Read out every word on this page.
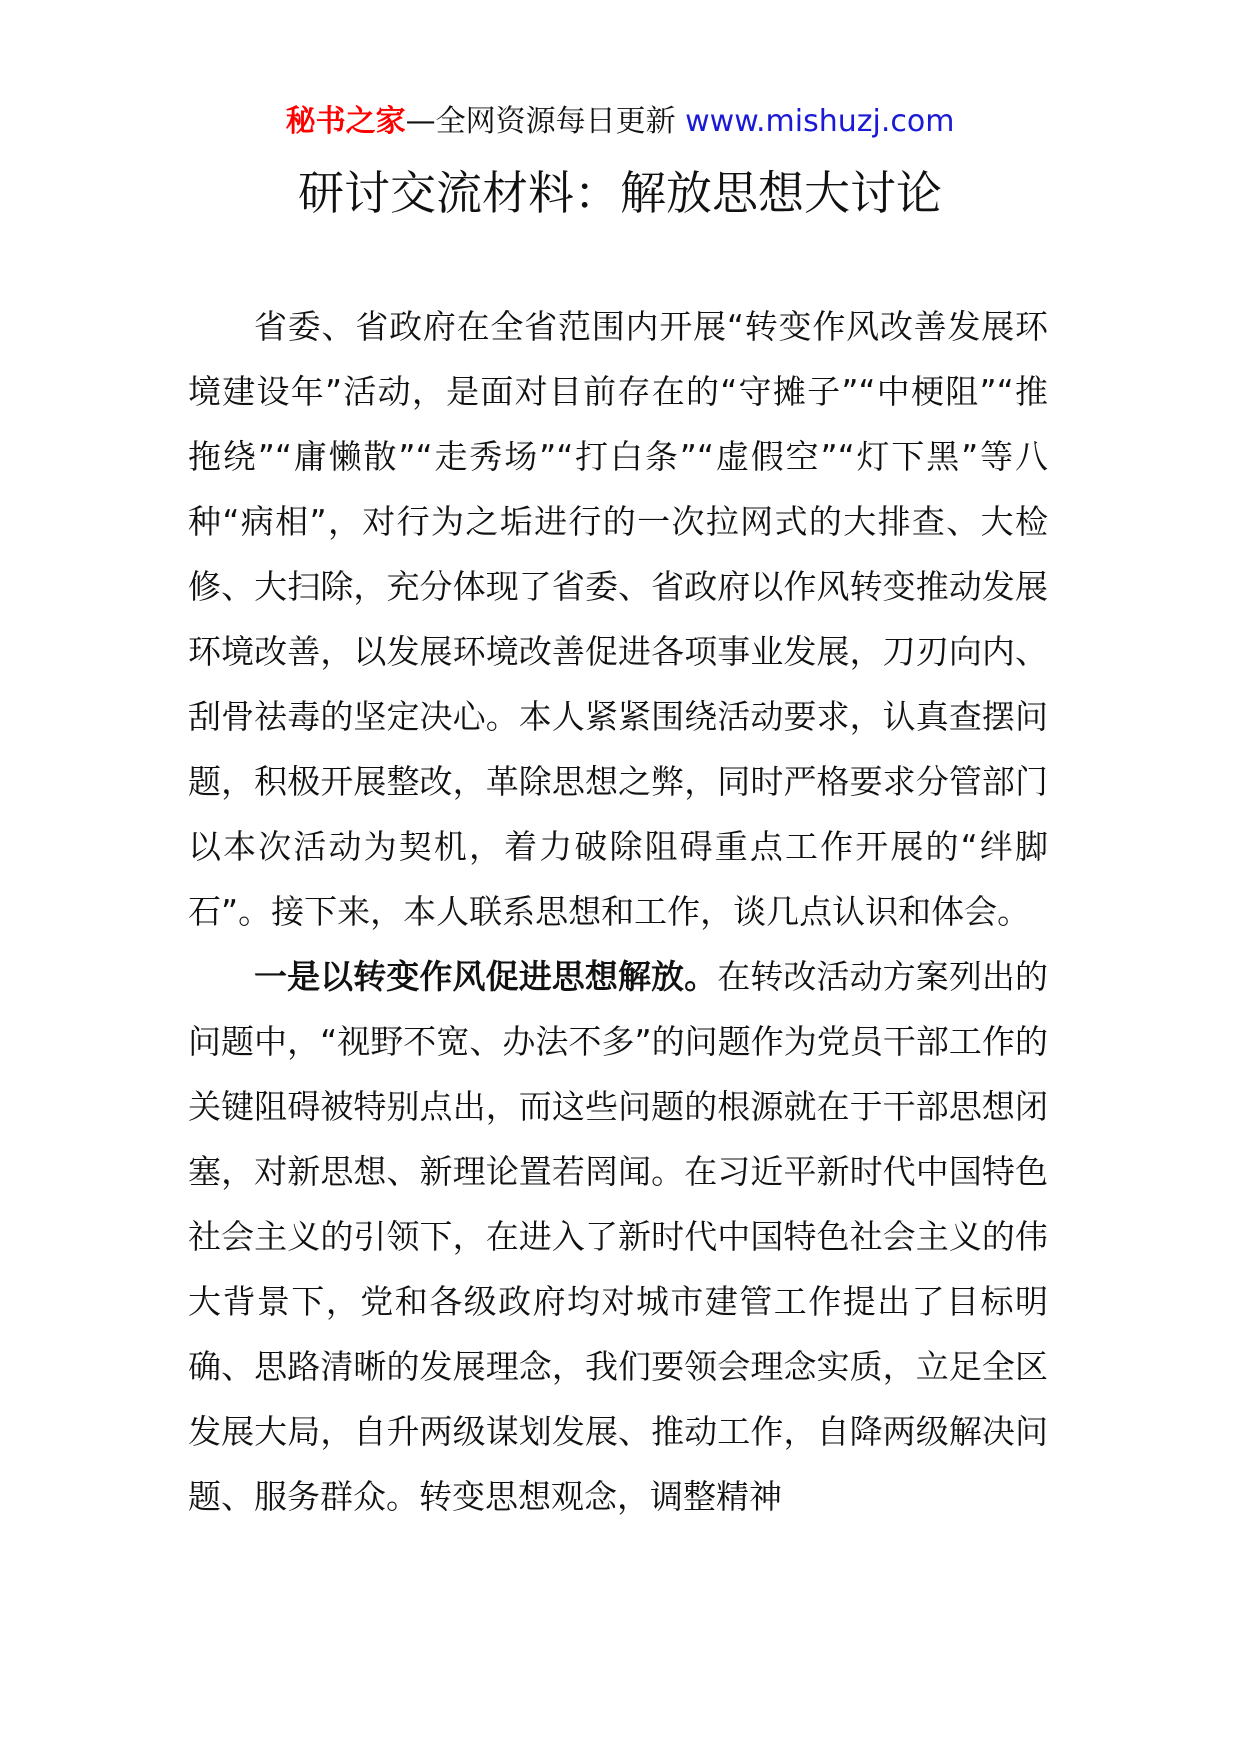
秘书之家—全网资源每日更新 www.mishuzj.com
研讨交流材料：解放思想大讨论

省委、省政府在全省范围内开展“转变作风改善发展环境建设年”活动，是面对目前存在的“守摊子”“中梗阻”“推拖绕”“庸懒散”“走秀场”“打白条”“虚假空”“灯下黑”等八种“病相”，对行为之垢进行的一次拉网式的大排查、大检修、大扫除，充分体现了省委、省政府以作风转变推动发展环境改善，以发展环境改善促进各项事业发展，刀刃向内、刮骨祛毒的坚定决心。本人紧紧围绕活动要求，认真查摆问题，积极开展整改，革除思想之弊，同时严格要求分管部门以本次活动为契机，着力破除阻碍重点工作开展的“绊脚石”。接下来，本人联系思想和工作，谈几点认识和体会。

一是以转变作风促进思想解放。在转改活动方案列出的问题中，“视野不宽、办法不多”的问题作为党员干部工作的关键阻碍被特别点出，而这些问题的根源就在于干部思想闭塞，对新思想、新理论置若罔闻。在习近平新时代中国特色社会主义的引领下，在进入了新时代中国特色社会主义的伟大背景下，党和各级政府均对城市建管工作提出了目标明确、思路清晰的发展理念，我们要领会理念实质，立足全区发展大局，自升两级谋划发展、推动工作，自降两级解决问题、服务群众。转变思想观念，调整精神
